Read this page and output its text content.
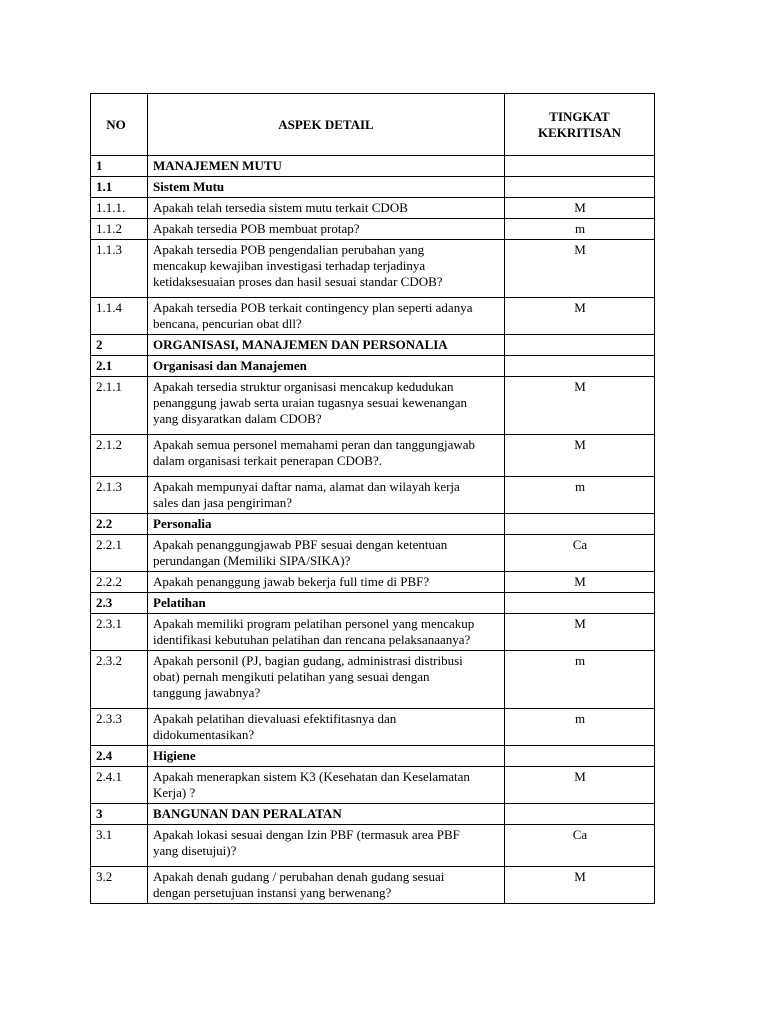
NO	ASPEK DETAIL	TINGKAT
KEKRITISAN
1	MANAJEMEN MUTU	
1.1	Sistem Mutu	
1.1.1.	Apakah telah tersedia sistem mutu terkait CDOB	M
1.1.2	Apakah tersedia POB membuat protap?	m
1.1.3	Apakah tersedia POB pengendalian perubahan yang
mencakup kewajiban investigasi terhadap terjadinya
ketidaksesuaian proses dan hasil sesuai standar CDOB?	M
1.1.4	Apakah tersedia POB terkait contingency plan seperti adanya
bencana, pencurian obat dll?	M
2	ORGANISASI, MANAJEMEN DAN PERSONALIA	
2.1	Organisasi dan Manajemen	
2.1.1	Apakah tersedia struktur organisasi mencakup kedudukan
penanggung jawab serta uraian tugasnya sesuai kewenangan
yang disyaratkan dalam CDOB?	M
2.1.2	Apakah semua personel memahami peran dan tanggungjawab
dalam organisasi terkait penerapan CDOB?.	M
2.1.3	Apakah mempunyai daftar nama, alamat dan wilayah kerja
sales dan jasa pengiriman?	m
2.2	Personalia	
2.2.1	Apakah penanggungjawab PBF sesuai dengan ketentuan
perundangan (Memiliki SIPA/SIKA)?	Ca
2.2.2	Apakah penanggung jawab bekerja full time di PBF?	M
2.3	Pelatihan	
2.3.1	Apakah memiliki program pelatihan personel yang mencakup
identifikasi kebutuhan pelatihan dan rencana pelaksanaanya?	M
2.3.2	Apakah personil (PJ, bagian gudang, administrasi distribusi
obat) pernah mengikuti pelatihan yang sesuai dengan
tanggung jawabnya?	m
2.3.3	Apakah pelatihan dievaluasi efektifitasnya dan
didokumentasikan?	m
2.4	Higiene	
2.4.1	Apakah menerapkan sistem K3 (Kesehatan dan Keselamatan
Kerja) ?	M
3	BANGUNAN DAN PERALATAN	
3.1	Apakah lokasi sesuai dengan Izin PBF (termasuk area PBF
yang disetujui)?	Ca
3.2	Apakah denah gudang / perubahan denah gudang sesuai
dengan persetujuan instansi yang berwenang?	M
